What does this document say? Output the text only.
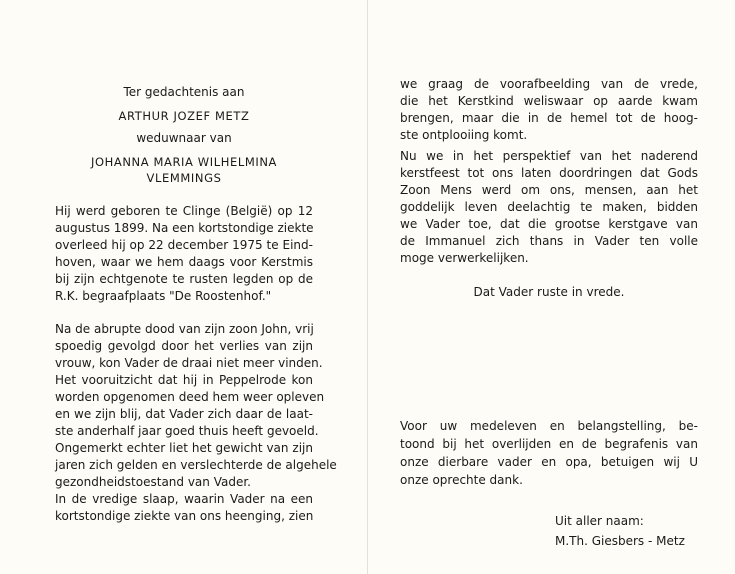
Ter gedachtenis aan
ARTHUR JOZEF METZ
weduwnaar van
JOHANNA MARIA WILHELMINA
VLEMMINGS
Hij werd geboren te Clinge (België) op 12
augustus 1899. Na een kortstondige ziekte
overleed hij op 22 december 1975 te Eind-
hoven, waar we hem daags voor Kerstmis
bij zijn echtgenote te rusten legden op de
R.K. begraafplaats "De Roostenhof."
Na de abrupte dood van zijn zoon John, vrij
spoedig gevolgd door het verlies van zijn
vrouw, kon Vader de draai niet meer vinden.
Het vooruitzicht dat hij in Peppelrode kon
worden opgenomen deed hem weer opleven
en we zijn blij, dat Vader zich daar de laat-
ste anderhalf jaar goed thuis heeft gevoeld.
Ongemerkt echter liet het gewicht van zijn
jaren zich gelden en verslechterde de algehele
gezondheidstoestand van Vader.
In de vredige slaap, waarin Vader na een
kortstondige ziekte van ons heenging, zien
we graag de voorafbeelding van de vrede,
die het Kerstkind weliswaar op aarde kwam
brengen, maar die in de hemel tot de hoog-
ste ontplooiing komt.
Nu we in het perspektief van het naderend
kerstfeest tot ons laten doordringen dat Gods
Zoon Mens werd om ons, mensen, aan het
goddelijk leven deelachtig te maken, bidden
we Vader toe, dat die grootse kerstgave van
de Immanuel zich thans in Vader ten volle
moge verwerkelijken.
Dat Vader ruste in vrede.
Voor uw medeleven en belangstelling, be-
toond bij het overlijden en de begrafenis van
onze dierbare vader en opa, betuigen wij U
onze oprechte dank.
Uit aller naam:
M.Th. Giesbers - Metz
